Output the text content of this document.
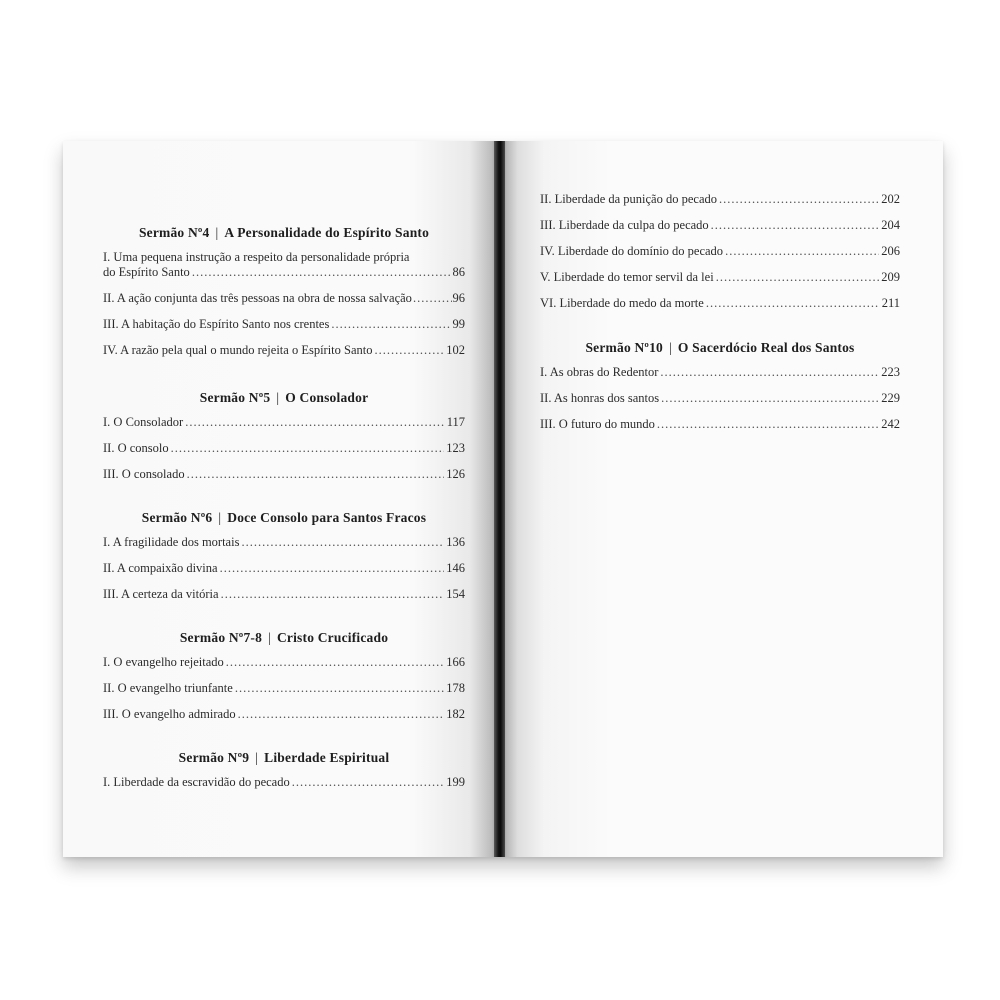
Sermão Nº4 | A Personalidade do Espírito Santo
I. Uma pequena instrução a respeito da personalidade própria
do Espírito Santo .....	86
II. A ação conjunta das três pessoas na obra de nossa salvação .....	96
III. A habitação do Espírito Santo nos crentes .....	99
IV. A razão pela qual o mundo rejeita o Espírito Santo .....	102
Sermão Nº5 | O Consolador
I. O Consolador .....	117
II. O consolo .....	123
III. O consolado .....	126
Sermão Nº6 | Doce Consolo para Santos Fracos
I. A fragilidade dos mortais .....	136
II. A compaixão divina .....	146
III. A certeza da vitória .....	154
Sermão Nº7-8 | Cristo Crucificado
I. O evangelho rejeitado .....	166
II. O evangelho triunfante .....	178
III. O evangelho admirado .....	182
Sermão Nº9 | Liberdade Espiritual
I. Liberdade da escravidão do pecado .....	199
II. Liberdade da punição do pecado .....	202
III. Liberdade da culpa do pecado .....	204
IV. Liberdade do domínio do pecado .....	206
V. Liberdade do temor servil da lei .....	209
VI. Liberdade do medo da morte .....	211
Sermão Nº10 | O Sacerdócio Real dos Santos
I. As obras do Redentor .....	223
II. As honras dos santos .....	229
III. O futuro do mundo .....	242
